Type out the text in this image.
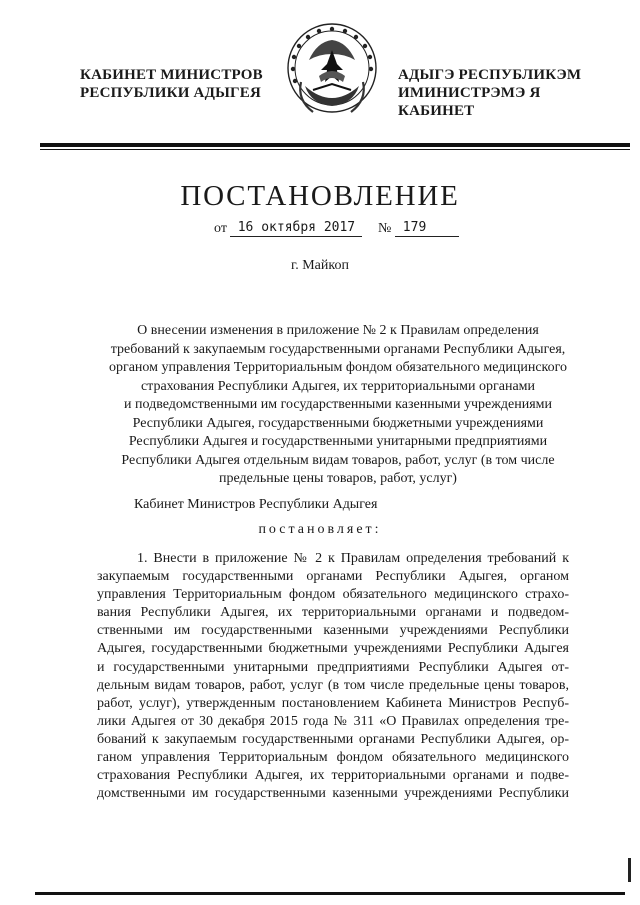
КАБИНЕТ МИНИСТРОВ
РЕСПУБЛИКИ АДЫГЕЯ
АДЫГЭ РЕСПУБЛИКЭМ
ИМИНИСТРЭМЭ Я КАБИНЕТ
ПОСТАНОВЛЕНИЕ
от 16 октября 2017 № 179
г. Майкоп
О внесении изменения в приложение № 2 к Правилам определения
требований к закупаемым государственными органами Республики Адыгея,
органом управления Территориальным фондом обязательного медицинского
страхования Республики Адыгея, их территориальными органами
и подведомственными им государственными казенными учреждениями
Республики Адыгея, государственными бюджетными учреждениями
Республики Адыгея и государственными унитарными предприятиями
Республики Адыгея отдельным видам товаров, работ, услуг (в том числе
предельные цены товаров, работ, услуг)
Кабинет Министров Республики Адыгея
постановляет:
1. Внести в приложение № 2 к Правилам определения требований к
закупаемым государственными органами Республики Адыгея, органом
управления Территориальным фондом обязательного медицинского страхо-
вания Республики Адыгея, их территориальными органами и подведом-
ственными им государственными казенными учреждениями Республики
Адыгея, государственными бюджетными учреждениями Республики Адыгея
и государственными унитарными предприятиями Республики Адыгея от-
дельным видам товаров, работ, услуг (в том числе предельные цены товаров,
работ, услуг), утвержденным постановлением Кабинета Министров Респуб-
лики Адыгея от 30 декабря 2015 года № 311 «О Правилах определения тре-
бований к закупаемым государственными органами Республики Адыгея, ор-
ганом управления Территориальным фондом обязательного медицинского
страхования Республики Адыгея, их территориальными органами и подве-
домственными им государственными казенными учреждениями Республики
